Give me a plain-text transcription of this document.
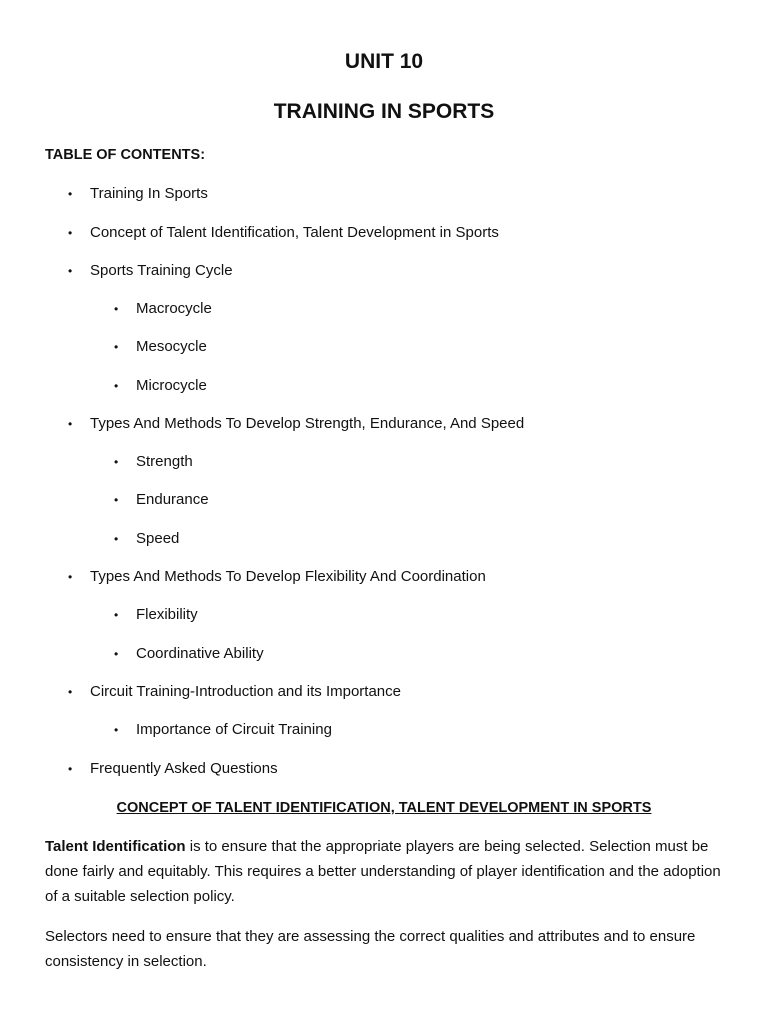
UNIT 10
TRAINING IN SPORTS
TABLE OF CONTENTS:
• Training In Sports
• Concept of Talent Identification, Talent Development in Sports
• Sports Training Cycle
• Macrocycle
• Mesocycle
• Microcycle
• Types And Methods To Develop Strength, Endurance, And Speed
• Strength
• Endurance
• Speed
• Types And Methods To Develop Flexibility And Coordination
• Flexibility
• Coordinative Ability
• Circuit Training-Introduction and its Importance
• Importance of Circuit Training
• Frequently Asked Questions
CONCEPT OF TALENT IDENTIFICATION, TALENT DEVELOPMENT IN SPORTS

Talent Identification is to ensure that the appropriate players are being selected. Selection must be done fairly and equitably. This requires a better understanding of player identification and the adoption of a suitable selection policy.

Selectors need to ensure that they are assessing the correct qualities and attributes and to ensure consistency in selection.
